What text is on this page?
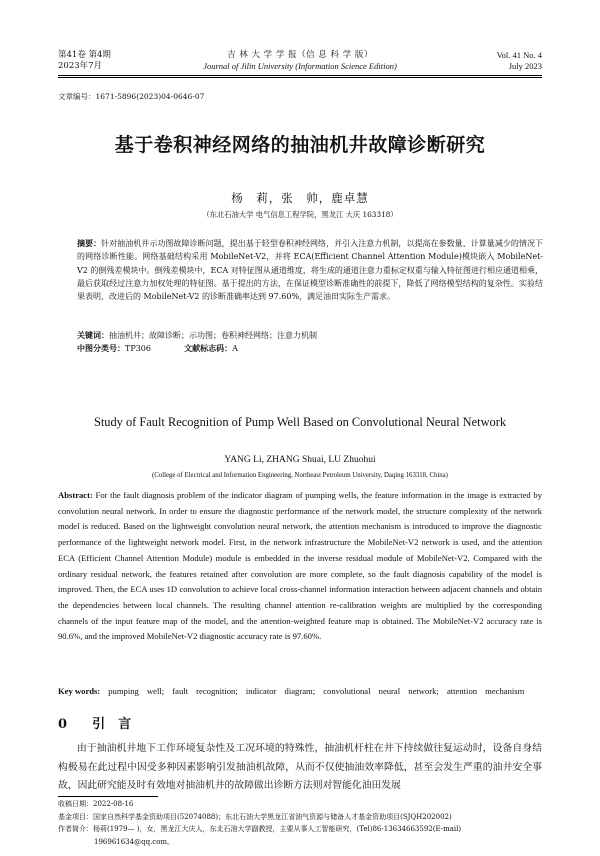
第41卷 第4期
2023年7月
吉 林 大 学 学 报（信 息 科 学 版）
Journal of Jilin University (Information Science Edition)
Vol. 41 No. 4
July 2023
文章编号：1671-5896(2023)04-0646-07
基于卷积神经网络的抽油机井故障诊断研究
杨　莉，张　帅，鹿卓慧
（东北石油大学 电气信息工程学院，黑龙江 大庆 163318）
摘要：针对抽油机井示功图故障诊断问题，提出基于轻型卷积神经网络，并引入注意力机制，以提高在参数量、计算量减少的情况下的网络诊断性能。网络基础结构采用 MobileNet-V2，并将 ECA(Efficient Channel Attention Module)模块嵌入 MobileNet-V2 的倒残差模块中。倒残差模块中，ECA 对特征图从通道维度，将生成的通道注意力重标定权重与输入特征图进行相应通道相乘，最后获取经过注意力加权处理的特征图。基于提出的方法，在保证模型诊断准确性的前提下，降低了网络模型结构的复杂性。实验结果表明，改进后的 MobileNet-V2 的诊断准确率达到 97.60%，满足油田实际生产需求。
关键词：抽油机井；故障诊断；示功图；卷积神经网络；注意力机制
中图分类号：TP306	文献标志码：A
Study of Fault Recognition of Pump Well Based on Convolutional Neural Network
YANG Li, ZHANG Shuai, LU Zhuohui
(College of Electrical and Information Engineering, Northeast Petroleum University, Daqing 163318, China)
Abstract: For the fault diagnosis problem of the indicator diagram of pumping wells, the feature information in the image is extracted by convolution neural network. In order to ensure the diagnostic performance of the network model, the structure complexity of the network model is reduced. Based on the lightweight convolution neural network, the attention mechanism is introduced to improve the diagnostic performance of the lightweight network model. First, in the network infrastructure the MobileNet-V2 network is used, and the attention ECA (Efficient Channel Attention Module) module is embedded in the inverse residual module of MobileNet-V2. Compared with the ordinary residual network, the features retained after convolution are more complete, so the fault diagnosis capability of the model is improved. Then, the ECA uses 1D convolution to achieve local cross-channel information interaction between adjacent channels and obtain the dependencies between local channels. The resulting channel attention re-calibration weights are multiplied by the corresponding channels of the input feature map of the model, and the attention-weighted feature map is obtained. The MobileNet-V2 accuracy rate is 90.6%, and the improved MobileNet-V2 diagnostic accuracy rate is 97.60%.
Key words: pumping well; fault recognition; indicator diagram; convolutional neural network; attention mechanism
0 引　言
由于抽油机井地下工作环境复杂性及工况环境的特殊性，抽油机杆柱在井下持续做往复运动时，设备自身结构极易在此过程中因受多种因素影响引发抽油机故障，从而不仅使抽油效率降低，甚至会发生严重的油井安全事故，因此研究能及时有效地对抽油机井的故障做出诊断方法则对智能化油田发展
收稿日期：2022-08-16
基金项目：国家自然科学基金资助项目(52074088)；东北石油大学黑龙江省油气资源与储备人才基金资助项目(SJQH202002)
作者简介：杨莉(1979— )，女，黑龙江大庆人，东北石油大学副教授，主要从事人工智能研究，(Tel)86-13634663592(E-mail)
196961634@qq.com。
